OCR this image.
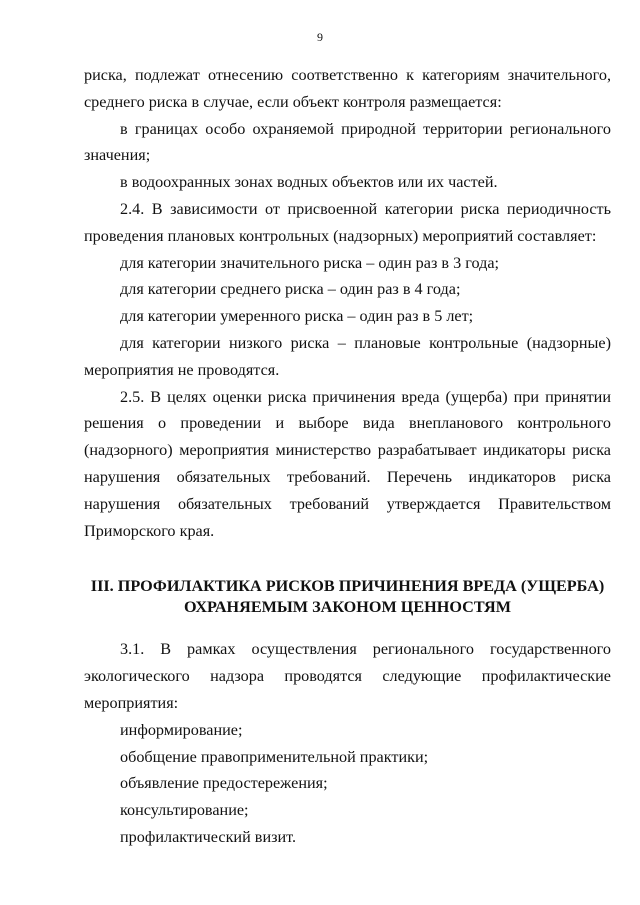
9

риска, подлежат отнесению соответственно к категориям значительного, среднего риска в случае, если объект контроля размещается:

в границах особо охраняемой природной территории регионального значения;

в водоохранных зонах водных объектов или их частей.

2.4. В зависимости от присвоенной категории риска периодичность проведения плановых контрольных (надзорных) мероприятий составляет:

для категории значительного риска – один раз в 3 года;

для категории среднего риска – один раз в 4 года;

для категории умеренного риска – один раз в 5 лет;

для категории низкого риска – плановые контрольные (надзорные) мероприятия не проводятся.

2.5. В целях оценки риска причинения вреда (ущерба) при принятии решения о проведении и выборе вида внепланового контрольного (надзорного) мероприятия министерство разрабатывает индикаторы риска нарушения обязательных требований. Перечень индикаторов риска нарушения обязательных требований утверждается Правительством Приморского края.

III. ПРОФИЛАКТИКА РИСКОВ ПРИЧИНЕНИЯ ВРЕДА (УЩЕРБА)
ОХРАНЯЕМЫМ ЗАКОНОМ ЦЕННОСТЯМ

3.1. В рамках осуществления регионального государственного экологического надзора проводятся следующие профилактические мероприятия:

информирование;

обобщение правоприменительной практики;

объявление предостережения;

консультирование;

профилактический визит.
